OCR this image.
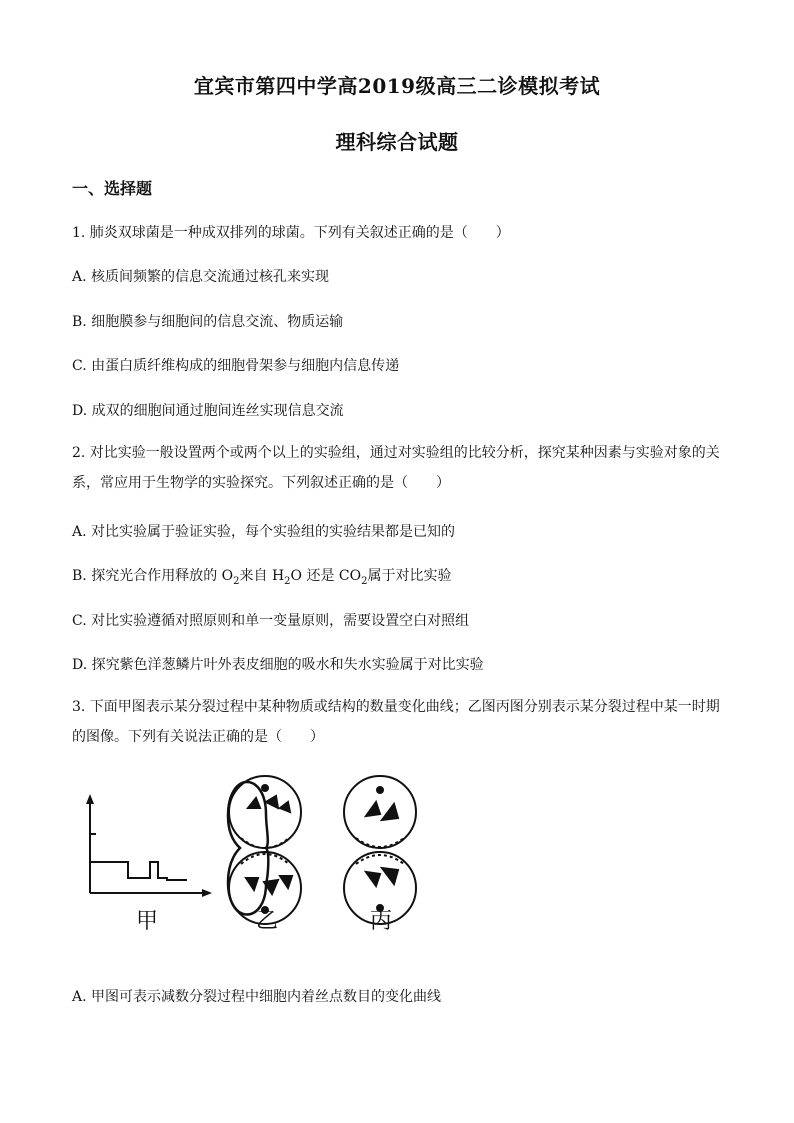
宜宾市第四中学高2019级高三二诊模拟考试
理科综合试题
一、选择题
1. 肺炎双球菌是一种成双排列的球菌。下列有关叙述正确的是（　　）
A. 核质间频繁的信息交流通过核孔来实现
B. 细胞膜参与细胞间的信息交流、物质运输
C. 由蛋白质纤维构成的细胞骨架参与细胞内信息传递
D. 成双的细胞间通过胞间连丝实现信息交流
2. 对比实验一般设置两个或两个以上的实验组，通过对实验组的比较分析，探究某种因素与实验对象的关系，常应用于生物学的实验探究。下列叙述正确的是（　　）
A. 对比实验属于验证实验，每个实验组的实验结果都是已知的
B. 探究光合作用释放的 $O_2$来自 $H_2O$ 还是 $CO_2$属于对比实验
C. 对比实验遵循对照原则和单一变量原则，需要设置空白对照组
D. 探究紫色洋葱鳞片叶外表皮细胞的吸水和失水实验属于对比实验
3. 下面甲图表示某分裂过程中某种物质或结构的数量变化曲线；乙图丙图分别表示某分裂过程中某一时期的图像。下列有关说法正确的是（　　）
甲	乙	丙
A. 甲图可表示减数分裂过程中细胞内着丝点数目的变化曲线
